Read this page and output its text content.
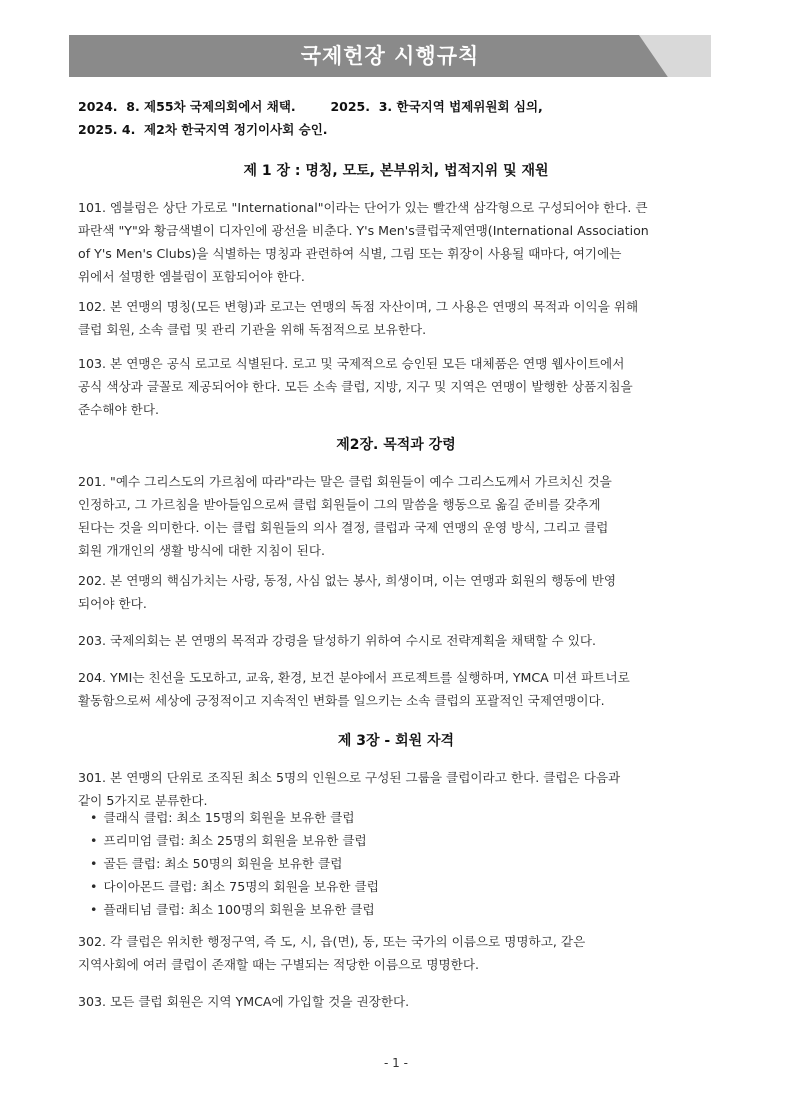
국제헌장 시행규칙
2024.  8. 제55차 국제의회에서 채택.        2025.  3. 한국지역 법제위원회 심의,
2025. 4.  제2차 한국지역 정기이사회 승인.
제 1 장 : 명칭, 모토, 본부위치, 법적지위 및 재원
101. 엠블럼은 상단 가로로 "International"이라는 단어가 있는 빨간색 삼각형으로 구성되어야 한다. 큰
파란색 "Y"와 황금색별이 디자인에 광선을 비춘다. Y's Men's클럽국제연맹(International Association
of Y's Men's Clubs)을 식별하는 명칭과 관련하여 식별, 그림 또는 휘장이 사용될 때마다, 여기에는
위에서 설명한 엠블럼이 포함되어야 한다.
102. 본 연맹의 명칭(모든 변형)과 로고는 연맹의 독점 자산이며, 그 사용은 연맹의 목적과 이익을 위해
클럽 회원, 소속 클럽 및 관리 기관을 위해 독점적으로 보유한다.
103. 본 연맹은 공식 로고로 식별된다. 로고 및 국제적으로 승인된 모든 대체품은 연맹 웹사이트에서
공식 색상과 글꼴로 제공되어야 한다. 모든 소속 클럽, 지방, 지구 및 지역은 연맹이 발행한 상품지침을
준수해야 한다.
제2장. 목적과 강령
201. "예수 그리스도의 가르침에 따라"라는 말은 클럽 회원들이 예수 그리스도께서 가르치신 것을
인정하고, 그 가르침을 받아들임으로써 클럽 회원들이 그의 말씀을 행동으로 옮길 준비를 갖추게
된다는 것을 의미한다. 이는 클럽 회원들의 의사 결정, 클럽과 국제 연맹의 운영 방식, 그리고 클럽
회원 개개인의 생활 방식에 대한 지침이 된다.
202. 본 연맹의 핵심가치는 사랑, 동정, 사심 없는 봉사, 희생이며, 이는 연맹과 회원의 행동에 반영
되어야 한다.
203. 국제의회는 본 연맹의 목적과 강령을 달성하기 위하여 수시로 전략계획을 채택할 수 있다.
204. YMI는 친선을 도모하고, 교육, 환경, 보건 분야에서 프로젝트를 실행하며, YMCA 미션 파트너로
활동함으로써 세상에 긍정적이고 지속적인 변화를 일으키는 소속 클럽의 포괄적인 국제연맹이다.
제 3장 - 회원 자격
301. 본 연맹의 단위로 조직된 최소 5명의 인원으로 구성된 그룹을 클럽이라고 한다. 클럽은 다음과
같이 5가지로 분류한다.
• 클래식 클럽: 최소 15명의 회원을 보유한 클럽
• 프리미엄 클럽: 최소 25명의 회원을 보유한 클럽
• 골든 클럽: 최소 50명의 회원을 보유한 클럽
• 다이아몬드 클럽: 최소 75명의 회원을 보유한 클럽
• 플래티넘 클럽: 최소 100명의 회원을 보유한 클럽
302. 각 클럽은 위치한 행정구역, 즉 도, 시, 읍(면), 동, 또는 국가의 이름으로 명명하고, 같은
지역사회에 여러 클럽이 존재할 때는 구별되는 적당한 이름으로 명명한다.
303. 모든 클럽 회원은 지역 YMCA에 가입할 것을 권장한다.
- 1 -
